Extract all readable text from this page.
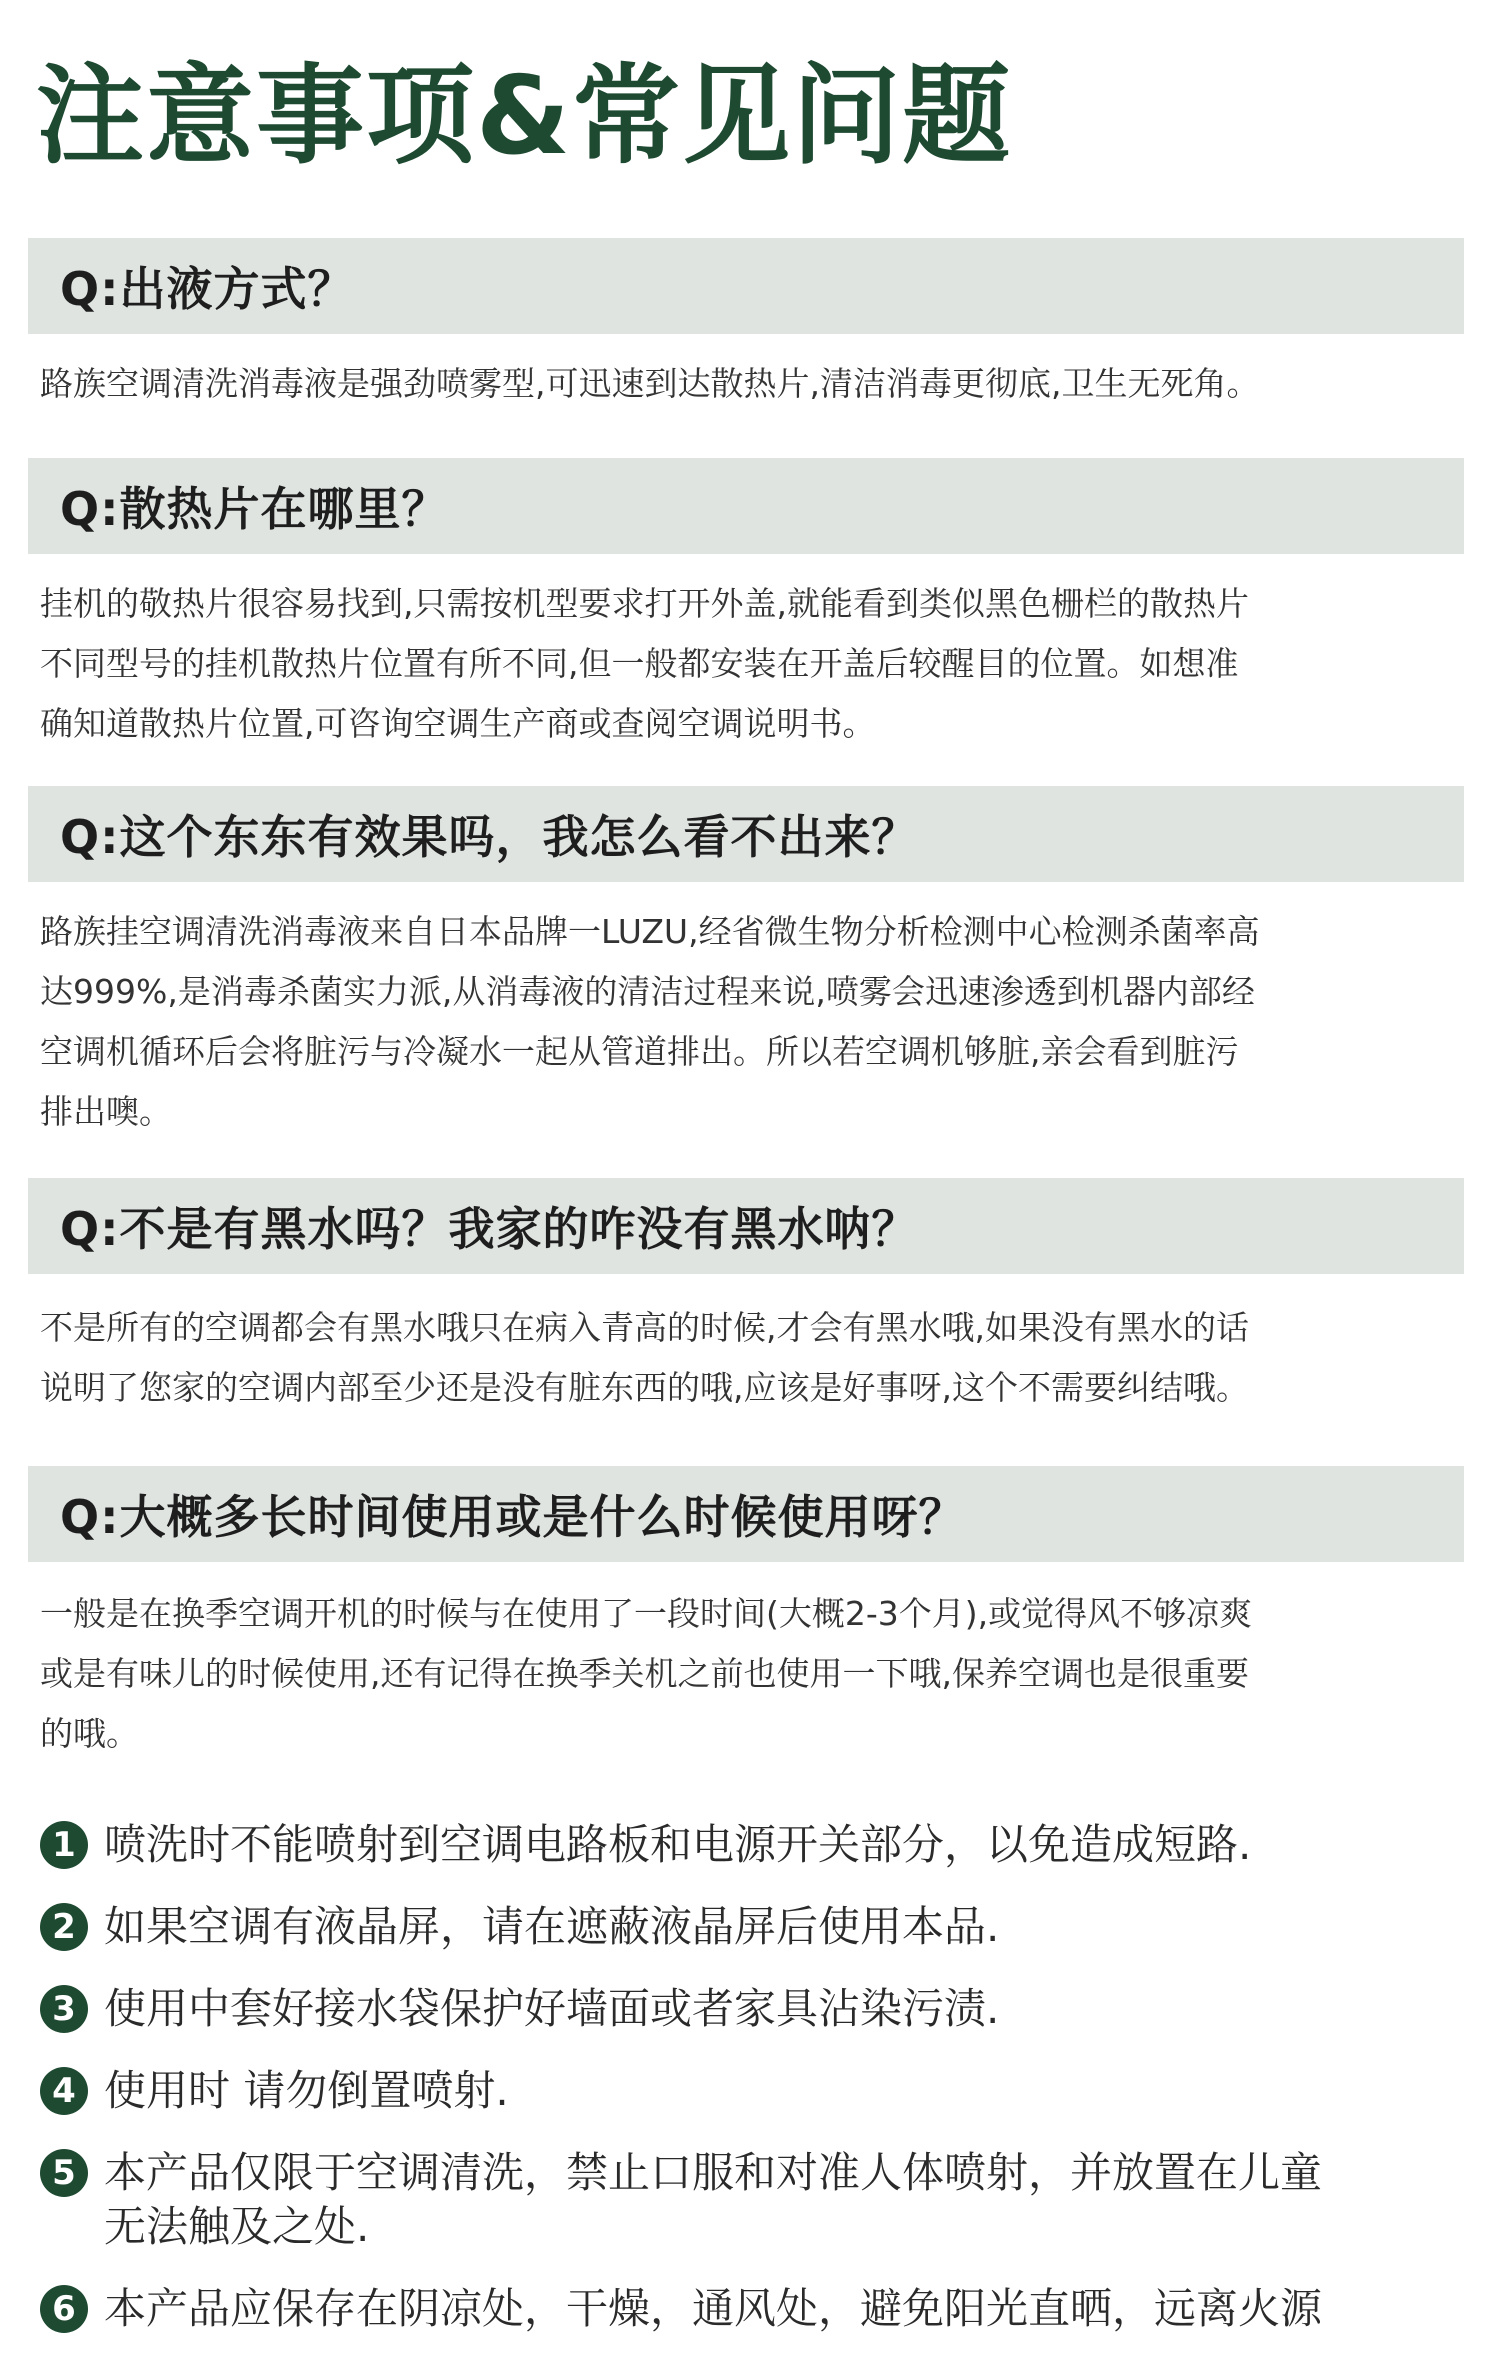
注意事项&常见问题
Q:出液方式？
路族空调清洗消毒液是强劲喷雾型,可迅速到达散热片,清洁消毒更彻底,卫生无死角。
Q:散热片在哪里？
挂机的敬热片很容易找到,只需按机型要求打开外盖,就能看到类似黑色栅栏的散热片
不同型号的挂机散热片位置有所不同,但一般都安装在开盖后较醒目的位置。如想准
确知道散热片位置,可咨询空调生产商或查阅空调说明书。
Q:这个东东有效果吗，我怎么看不出来？
路族挂空调清洗消毒液来自日本品牌一LUZU,经省微生物分析检测中心检测杀菌率高
达999%,是消毒杀菌实力派,从消毒液的清洁过程来说,喷雾会迅速渗透到机器内部经
空调机循环后会将脏污与冷凝水一起从管道排出。所以若空调机够脏,亲会看到脏污
排出噢。
Q:不是有黑水吗？我家的咋没有黑水呐？
不是所有的空调都会有黑水哦只在病入青高的时候,才会有黑水哦,如果没有黑水的话
说明了您家的空调内部至少还是没有脏东西的哦,应该是好事呀,这个不需要纠结哦。
Q:大概多长时间使用或是什么时候使用呀？
一般是在换季空调开机的时候与在使用了一段时间(大概2-3个月),或觉得风不够凉爽
或是有味儿的时候使用,还有记得在换季关机之前也使用一下哦,保养空调也是很重要
的哦。
1 喷洗时不能喷射到空调电路板和电源开关部分，以免造成短路.
2 如果空调有液晶屏，请在遮蔽液晶屏后使用本品.
3 使用中套好接水袋保护好墙面或者家具沾染污渍.
4 使用时 请勿倒置喷射.
5 本产品仅限于空调清洗，禁止口服和对准人体喷射，并放置在儿童
无法触及之处.
6 本产品应保存在阴凉处，干燥，通风处，避免阳光直晒，远离火源
